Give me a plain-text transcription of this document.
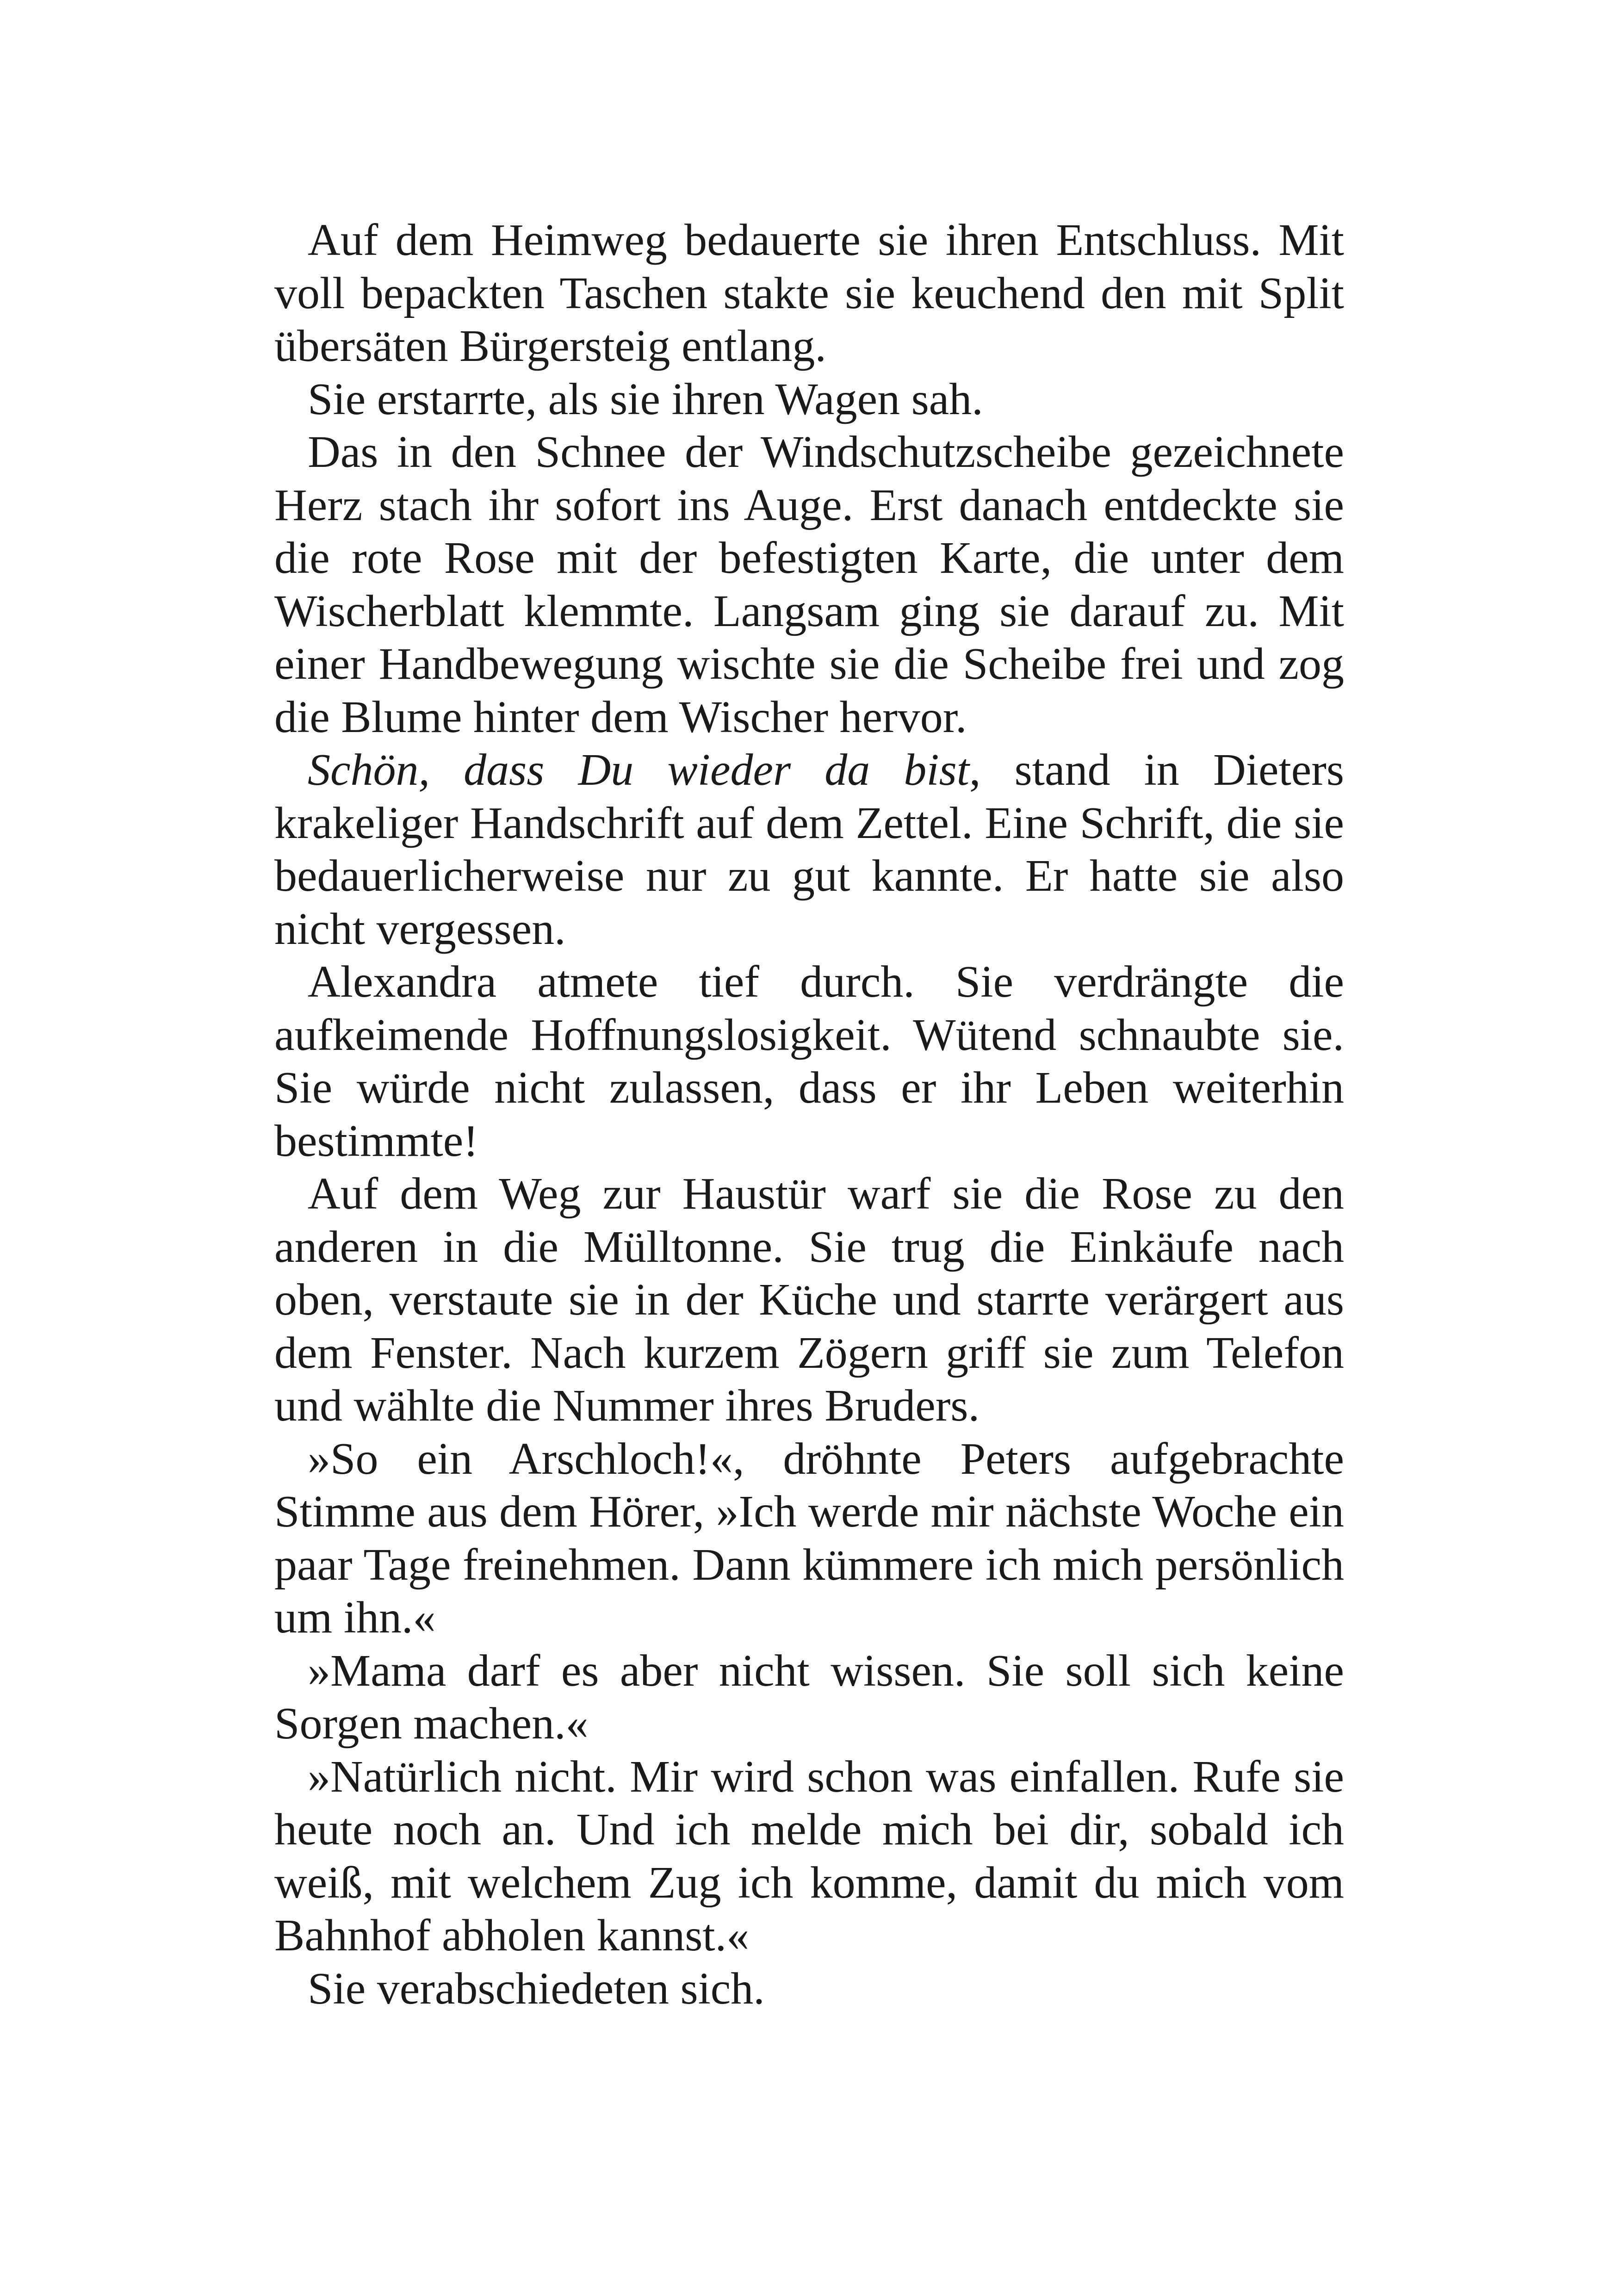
Auf dem Heimweg bedauerte sie ihren Entschluss. Mit voll bepackten Taschen stakte sie keuchend den mit Split übersäten Bürgersteig entlang.

Sie erstarrte, als sie ihren Wagen sah.

Das in den Schnee der Windschutzscheibe gezeichnete Herz stach ihr sofort ins Auge. Erst danach entdeckte sie die rote Rose mit der befestigten Karte, die unter dem Wischerblatt klemmte. Langsam ging sie darauf zu. Mit einer Handbewegung wischte sie die Scheibe frei und zog die Blume hinter dem Wischer hervor.

Schön, dass Du wieder da bist, stand in Dieters krakeliger Handschrift auf dem Zettel. Eine Schrift, die sie bedauerlicherweise nur zu gut kannte. Er hatte sie also nicht vergessen.

Alexandra atmete tief durch. Sie verdrängte die aufkeimende Hoffnungslosigkeit. Wütend schnaubte sie. Sie würde nicht zulassen, dass er ihr Leben weiterhin bestimmte!

Auf dem Weg zur Haustür warf sie die Rose zu den anderen in die Mülltonne. Sie trug die Einkäufe nach oben, verstaute sie in der Küche und starrte verärgert aus dem Fenster. Nach kurzem Zögern griff sie zum Telefon und wählte die Nummer ihres Bruders.

»So ein Arschloch!«, dröhnte Peters aufgebrachte Stimme aus dem Hörer, »Ich werde mir nächste Woche ein paar Tage freinehmen. Dann kümmere ich mich persönlich um ihn.«

»Mama darf es aber nicht wissen. Sie soll sich keine Sorgen machen.«

»Natürlich nicht. Mir wird schon was einfallen. Rufe sie heute noch an. Und ich melde mich bei dir, sobald ich weiß, mit welchem Zug ich komme, damit du mich vom Bahnhof abholen kannst.«

Sie verabschiedeten sich.
